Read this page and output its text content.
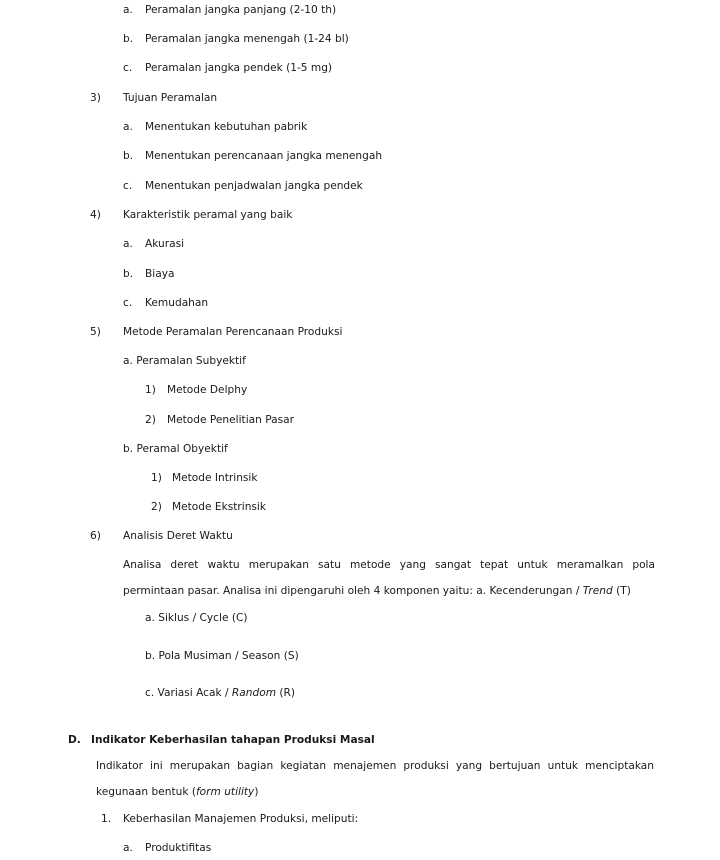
a. Peramalan jangka panjang (2-10 th)
b. Peramalan jangka menengah (1-24 bl)
c. Peramalan jangka pendek (1-5 mg)
3) Tujuan Peramalan
a. Menentukan kebutuhan pabrik
b. Menentukan perencanaan jangka menengah
c. Menentukan penjadwalan jangka pendek
4) Karakteristik peramal yang baik
a. Akurasi
b. Biaya
c. Kemudahan
5) Metode Peramalan Perencanaan Produksi
a. Peramalan Subyektif
1) Metode Delphy
2) Metode Penelitian Pasar
b. Peramal Obyektif
1) Metode Intrinsik
2) Metode Ekstrinsik
6) Analisis Deret Waktu
Analisa deret waktu merupakan satu metode yang sangat tepat untuk meramalkan pola
permintaan pasar. Analisa ini dipengaruhi oleh 4 komponen yaitu: a. Kecenderungan / Trend (T)
a. Siklus / Cycle (C)
b. Pola Musiman / Season (S)
c. Variasi Acak / Random (R)
D. Indikator Keberhasilan tahapan Produksi Masal
Indikator ini merupakan bagian kegiatan menajemen produksi yang bertujuan untuk menciptakan
kegunaan bentuk (form utility)
1. Keberhasilan Manajemen Produksi, meliputi:
a. Produktifitas
